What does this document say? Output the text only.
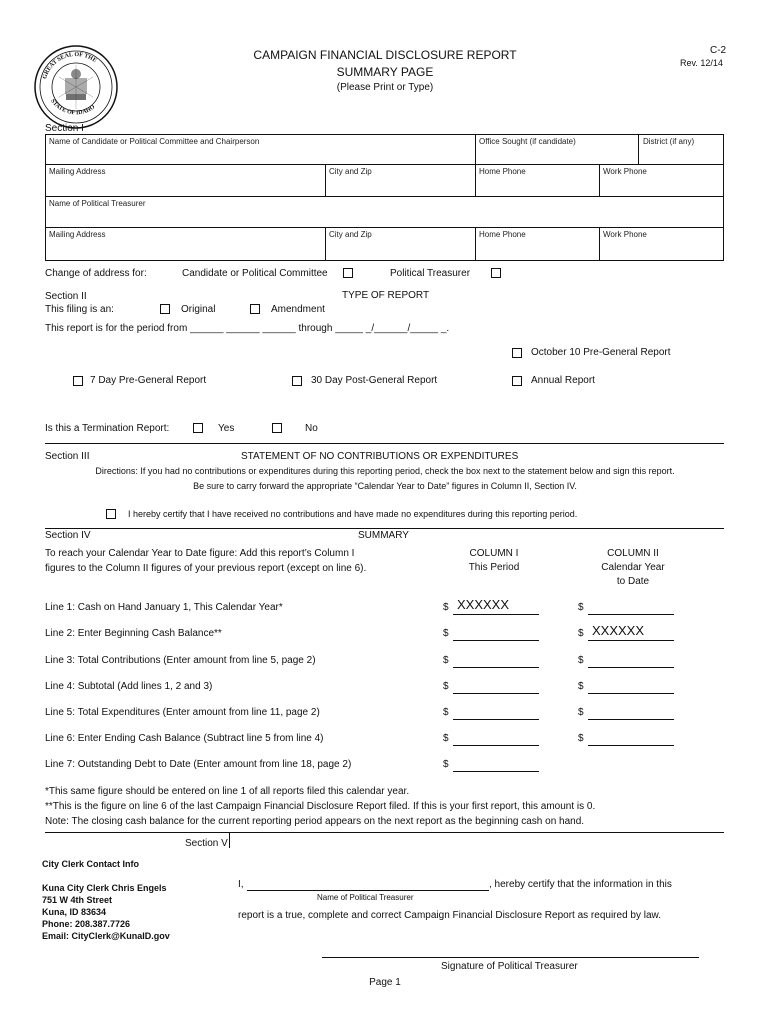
GREAT SEAL OF THE
STATE OF IDAHO
CAMPAIGN FINANCIAL DISCLOSURE REPORT
SUMMARY PAGE
(Please Print or Type)
C-2
Rev. 12/14
Section I
Name of Candidate or Political Committee and Chairperson	Office Sought (if candidate)	District (if any)
Mailing Address	City and Zip	Home Phone	Work Phone
Name of Political Treasurer
Mailing Address	City and Zip	Home Phone	Work Phone
Change of address for:	Candidate or Political Committee	Political Treasurer
Section II	TYPE OF REPORT
This filing is an:	Original	Amendment
This report is for the period from ______ ______ ______ through _____ _/______/_____ _.
October 10 Pre-General Report
7 Day Pre-General Report	30 Day Post-General Report	Annual Report
Is this a Termination Report:	Yes	No
Section III	STATEMENT OF NO CONTRIBUTIONS OR EXPENDITURES
Directions: If you had no contributions or expenditures during this reporting period, check the box next to the statement below and sign this report.
Be sure to carry forward the appropriate “Calendar Year to Date” figures in Column II, Section IV.
I hereby certify that I have received no contributions and have made no expenditures during this reporting period.
Section IV	SUMMARY
To reach your Calendar Year to Date figure: Add this report’s Column I
figures to the Column II figures of your previous report (except on line 6).
COLUMN I
This Period
COLUMN II
Calendar Year
to Date
Line 1: Cash on Hand January 1, This Calendar Year*	$ XXXXXX	$
Line 2: Enter Beginning Cash Balance**	$	$ XXXXXX
Line 3: Total Contributions (Enter amount from line 5, page 2)	$	$
Line 4: Subtotal (Add lines 1, 2 and 3)	$	$
Line 5: Total Expenditures (Enter amount from line 11, page 2)	$	$
Line 6: Enter Ending Cash Balance (Subtract line 5 from line 4)	$	$
Line 7: Outstanding Debt to Date (Enter amount from line 18, page 2)	$
*This same figure should be entered on line 1 of all reports filed this calendar year.
**This is the figure on line 6 of the last Campaign Financial Disclosure Report filed. If this is your first report, this amount is 0.
Note: The closing cash balance for the current reporting period appears on the next report as the beginning cash on hand.
Section V
City Clerk Contact Info
Kuna City Clerk Chris Engels
751 W 4th Street
Kuna, ID 83634
Phone: 208.387.7726
Email: CityClerk@KunaID.gov
I,	, hereby certify that the information in this
Name of Political Treasurer
report is a true, complete and correct Campaign Financial Disclosure Report as required by law.
Signature of Political Treasurer
Page 1
